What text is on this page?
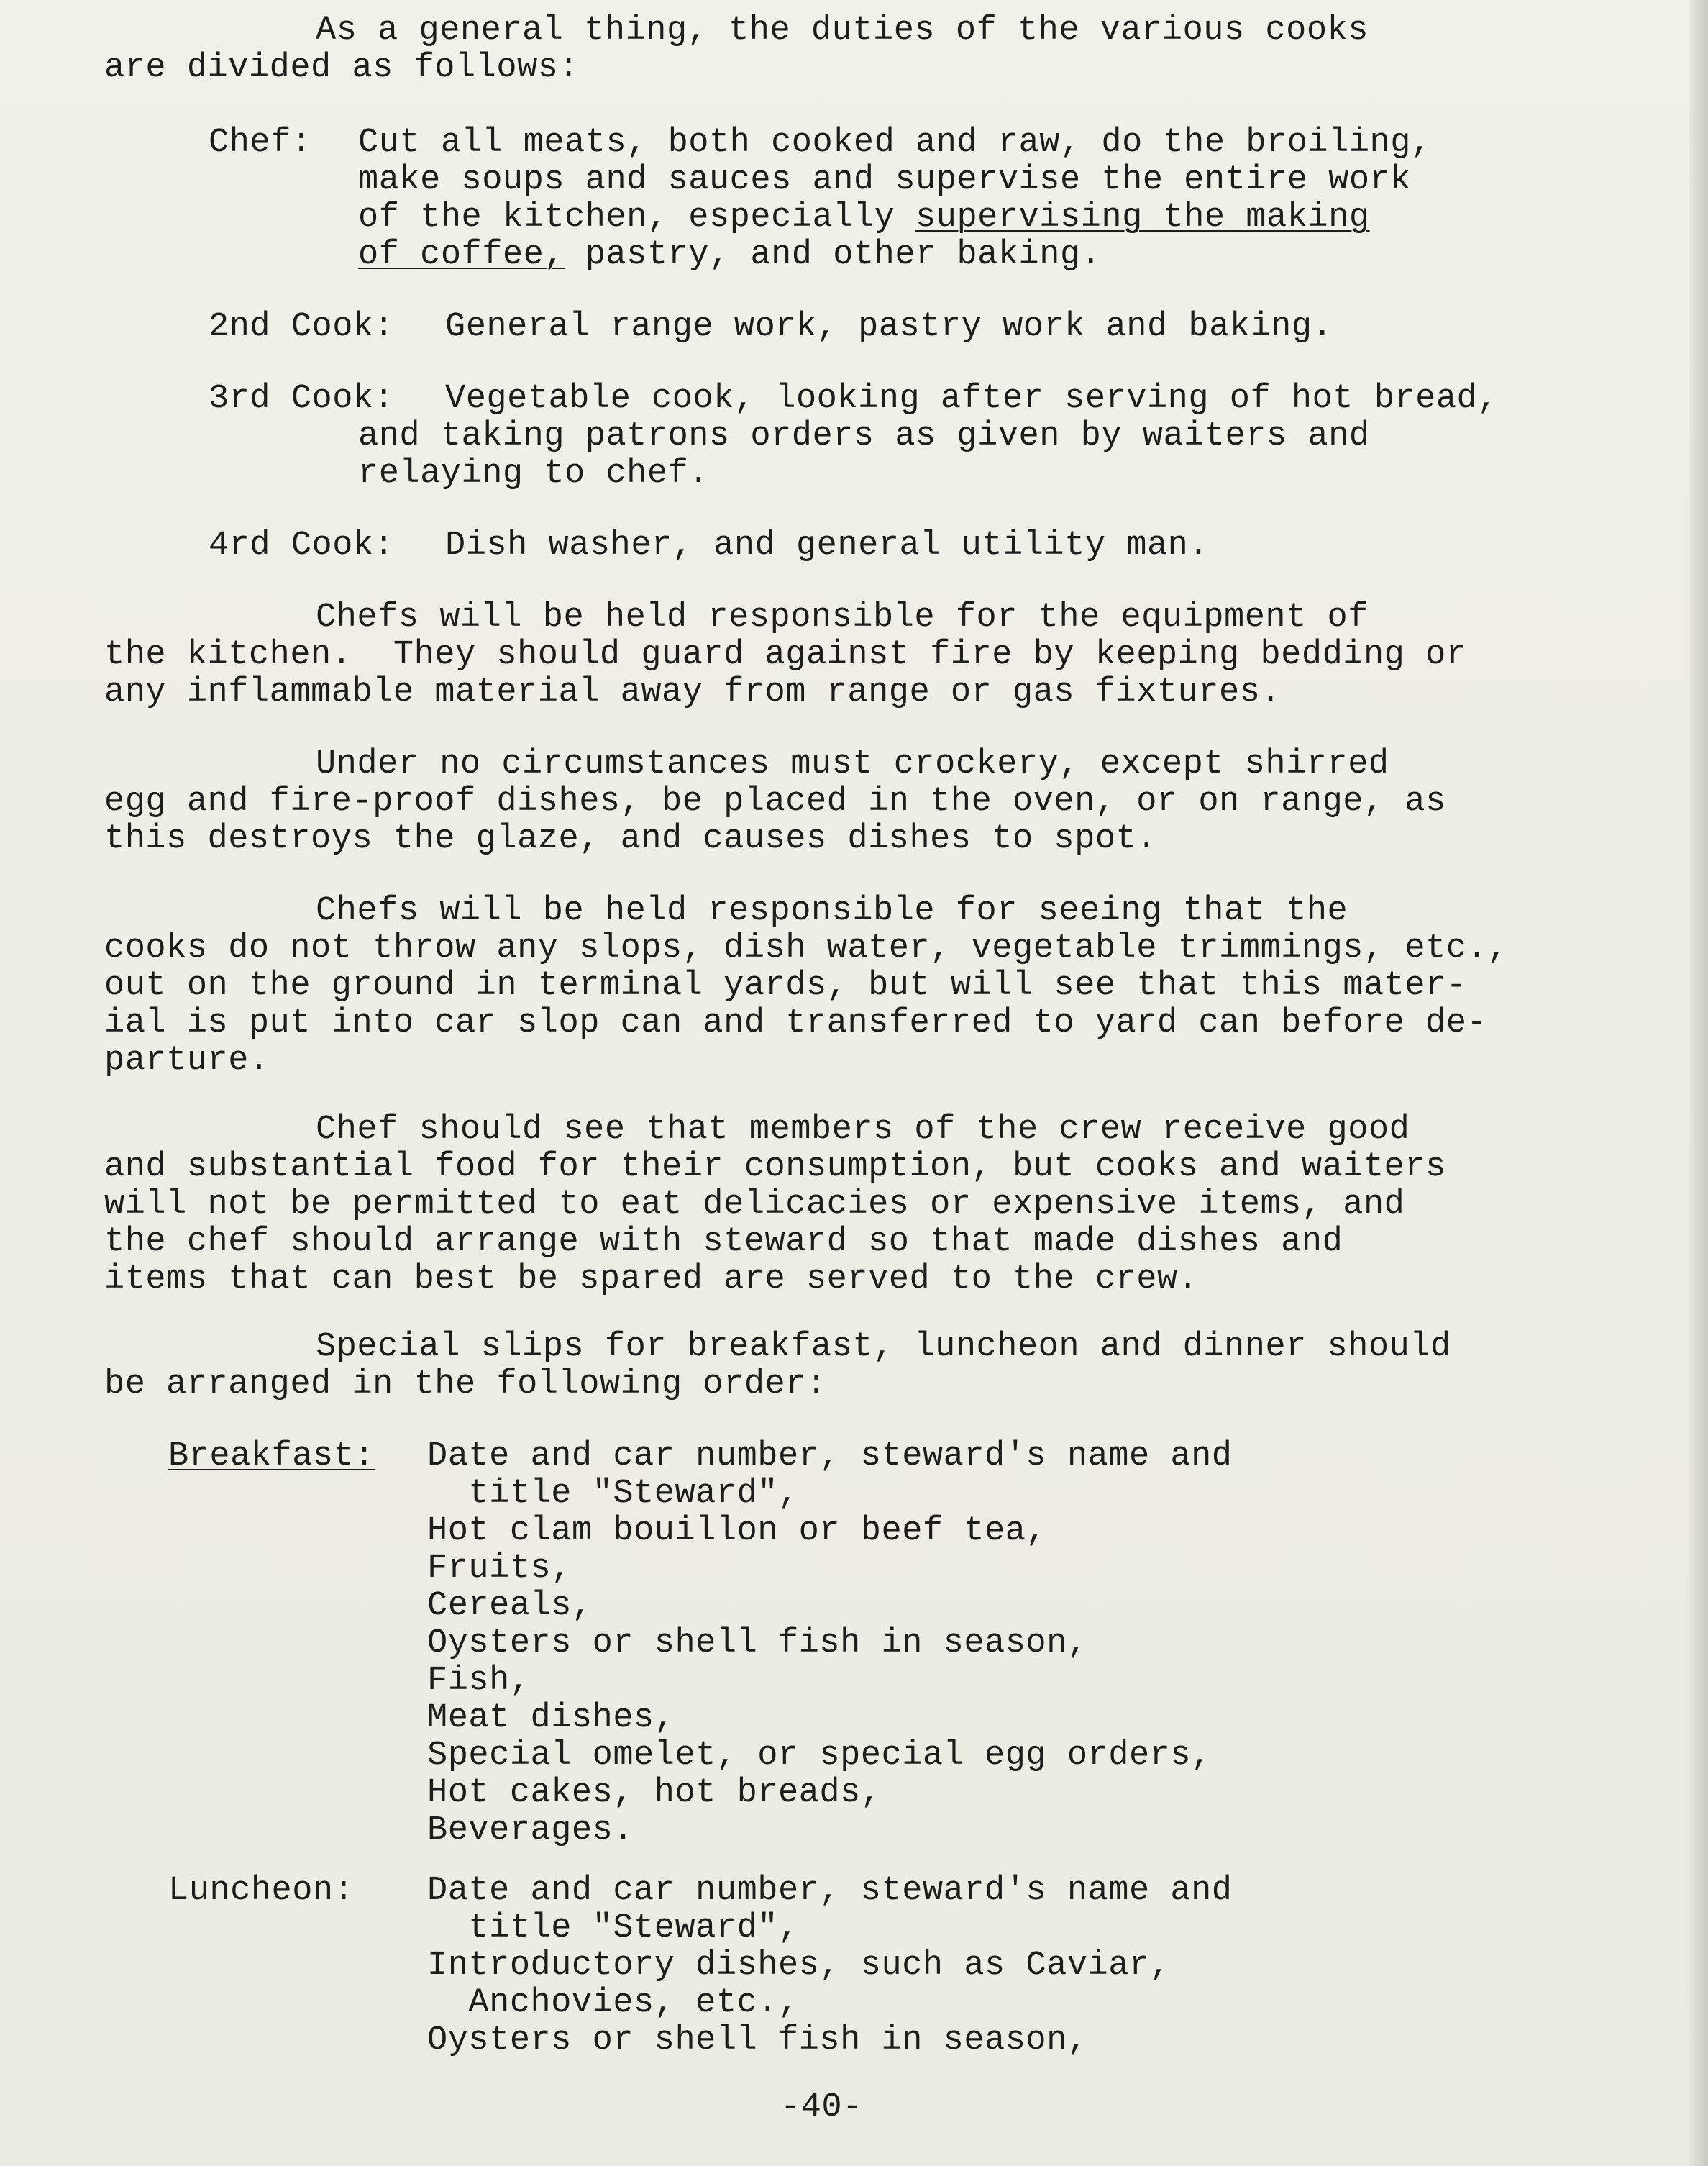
As a general thing, the duties of the various cooks
are divided as follows:
Chef: Cut all meats, both cooked and raw, do the broiling,
make soups and sauces and supervise the entire work
of the kitchen, especially supervising the making
of coffee, pastry, and other baking.
2nd Cook: General range work, pastry work and baking.
3rd Cook: Vegetable cook, looking after serving of hot bread,
and taking patrons orders as given by waiters and
relaying to chef.
4rd Cook: Dish washer, and general utility man.
Chefs will be held responsible for the equipment of
the kitchen.  They should guard against fire by keeping bedding or
any inflammable material away from range or gas fixtures.
Under no circumstances must crockery, except shirred
egg and fire-proof dishes, be placed in the oven, or on range, as
this destroys the glaze, and causes dishes to spot.
Chefs will be held responsible for seeing that the
cooks do not throw any slops, dish water, vegetable trimmings, etc.,
out on the ground in terminal yards, but will see that this mater-
ial is put into car slop can and transferred to yard can before de-
parture.
Chef should see that members of the crew receive good
and substantial food for their consumption, but cooks and waiters
will not be permitted to eat delicacies or expensive items, and
the chef should arrange with steward so that made dishes and
items that can best be spared are served to the crew.
Special slips for breakfast, luncheon and dinner should
be arranged in the following order:
Breakfast: Date and car number, steward's name and
title "Steward",
Hot clam bouillon or beef tea,
Fruits,
Cereals,
Oysters or shell fish in season,
Fish,
Meat dishes,
Special omelet, or special egg orders,
Hot cakes, hot breads,
Beverages.
Luncheon: Date and car number, steward's name and
title "Steward",
Introductory dishes, such as Caviar,
Anchovies, etc.,
Oysters or shell fish in season,
-40-
